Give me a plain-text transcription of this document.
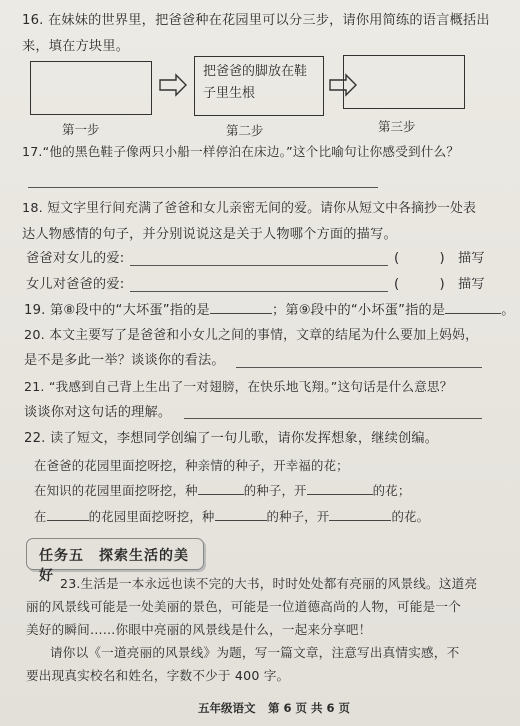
16. 在妹妹的世界里，把爸爸种在花园里可以分三步，请你用简练的语言概括出
来，填在方块里。
把爸爸的脚放在鞋子里生根
第一步	第二步	第三步
17.“他的黑色鞋子像两只小船一样停泊在床边。”这个比喻句让你感受到什么？
18. 短文字里行间充满了爸爸和女儿亲密无间的爱。请你从短文中各摘抄一处表
达人物感情的句子，并分别说说这是关于人物哪个方面的描写。
爸爸对女儿的爱:	(　　　) 描写
女儿对爸爸的爱:	(　　　) 描写
19. 第⑧段中的“大坏蛋”指的是	；第⑨段中的“小坏蛋”指的是	。
20. 本文主要写了是爸爸和小女儿之间的事情，文章的结尾为什么要加上妈妈，
是不是多此一举？谈谈你的看法。
21. “我感到自己背上生出了一对翅膀，在快乐地飞翔。”这句话是什么意思？
谈谈你对这句话的理解。
22. 读了短文，李想同学创编了一句儿歌，请你发挥想象，继续创编。
在爸爸的花园里面挖呀挖，种亲情的种子，开幸福的花；
在知识的花园里面挖呀挖，种	的种子，开	的花；
在	的花园里面挖呀挖，种	的种子，开	的花。
任务五　探索生活的美好 23.生活是一本永远也读不完的大书，时时处处都有亮丽的风景线。这道亮
丽的风景线可能是一处美丽的景色，可能是一位道德高尚的人物，可能是一个
美好的瞬间……你眼中亮丽的风景线是什么，一起来分享吧！
请你以《一道亮丽的风景线》为题，写一篇文章，注意写出真情实感，不
要出现真实校名和姓名，字数不少于 400 字。
五年级语文 第 6 页 共 6 页
